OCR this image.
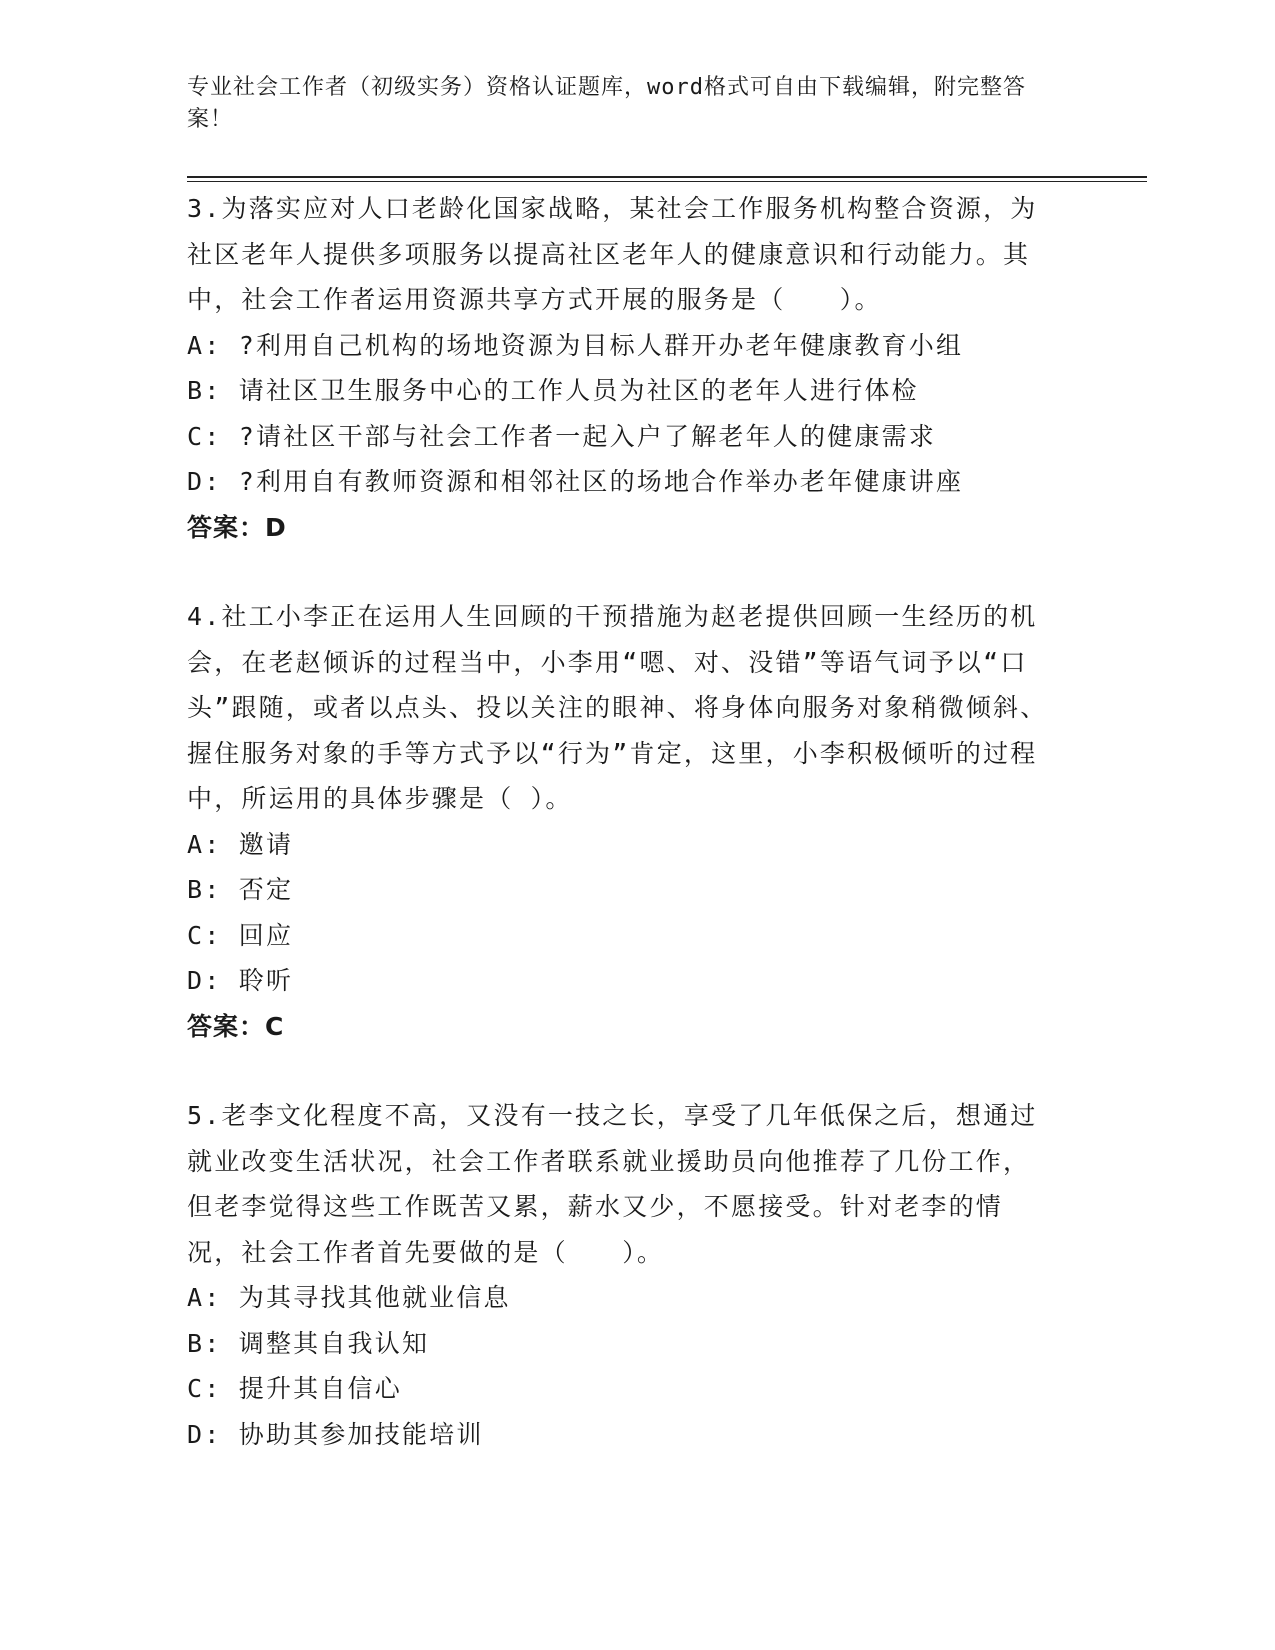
专业社会工作者（初级实务）资格认证题库，word格式可自由下载编辑，附完整答案！

3.为落实应对人口老龄化国家战略，某社会工作服务机构整合资源，为社区老年人提供多项服务以提高社区老年人的健康意识和行动能力。其中，社会工作者运用资源共享方式开展的服务是（　　）。

A: ?利用自己机构的场地资源为目标人群开办老年健康教育小组

B: 请社区卫生服务中心的工作人员为社区的老年人进行体检

C: ?请社区干部与社会工作者一起入户了解老年人的健康需求

D: ?利用自有教师资源和相邻社区的场地合作举办老年健康讲座

答案：D

4.社工小李正在运用人生回顾的干预措施为赵老提供回顾一生经历的机会，在老赵倾诉的过程当中，小李用“嗯、对、没错”等语气词予以“口头”跟随，或者以点头、投以关注的眼神、将身体向服务对象稍微倾斜、握住服务对象的手等方式予以“行为”肯定，这里，小李积极倾听的过程中，所运用的具体步骤是（ ）。

A: 邀请

B: 否定

C: 回应

D: 聆听

答案：C

5.老李文化程度不高，又没有一技之长，享受了几年低保之后，想通过就业改变生活状况，社会工作者联系就业援助员向他推荐了几份工作，但老李觉得这些工作既苦又累，薪水又少，不愿接受。针对老李的情况，社会工作者首先要做的是（　　）。

A: 为其寻找其他就业信息

B: 调整其自我认知

C: 提升其自信心

D: 协助其参加技能培训
